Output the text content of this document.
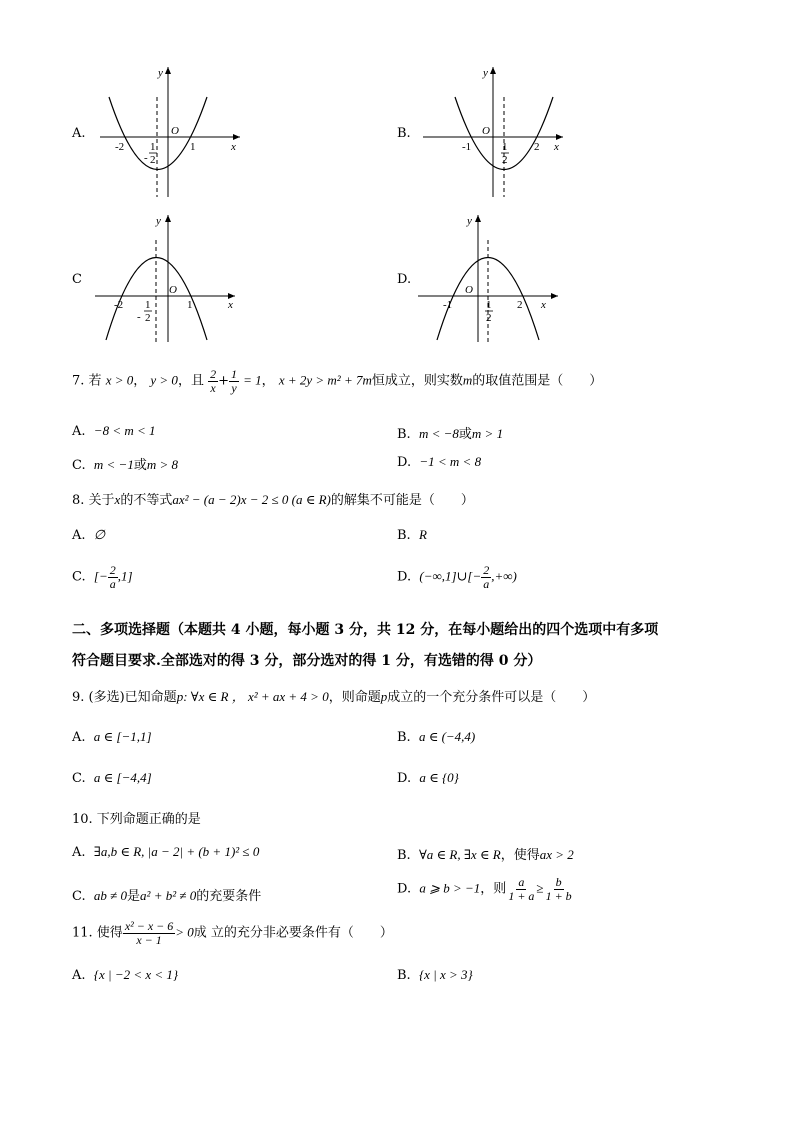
A.
-2	1
O
x
y
-
1
2
B.
-1	2
O
x
y
1
2
C
-2	1
O
x
y
-
1
2
D.
-1	2
O
x
y
1
2
7. 若 x > 0， y > 0，且 $\frac{2}{x} + \frac{1}{y} = 1$， x + 2y > m² + 7m恒成立，则实数m的取值范围是（　　）
A. −8 < m < 1	B. m < −8或m > 1
C. m < −1或m > 8	D. −1 < m < 8
8. 关于x的不等式ax² − (a − 2)x − 2 ≤ 0 (a ∈ R)的解集不可能是（　　）
A. ∅	B. R
C. [− $\frac{2}{a} ,1$]	D. (−∞,1]∪[− $\frac{2}{a}$ ,+∞)
二、多项选择题（本题共 4 小题，每小题 3 分，共 12 分，在每小题给出的四个选项中有多项
符合题目要求.全部选对的得 3 分，部分选对的得 1 分，有选错的得 0 分）
9. (多选)已知命题p: ∀x ∈ R ， x² + ax + 4 > 0，则命题p成立的一个充分条件可以是（　　）
A. a ∈ [−1,1]	B. a ∈ (−4,4)
C. a ∈ [−4,4]	D. a ∈ {0}
10. 下列命题正确的是
A. ∃a,b ∈ R, |a − 2| + (b + 1)² ≤ 0	B. ∀a ∈ R, ∃x ∈ R，使得ax > 2
C. ab ≠ 0是a² + b² ≠ 0的充要条件	D. a ⩾ b > −1，则 $\frac{a}{1 + a} \ge \frac{b}{1 + b}$
11. 使得 $\frac{\text{x² − x − 6}}{x - 1} > 0$成 立的充分非必要条件有（　　）
A. {x | −2 < x < 1}	B. {x | x > 3}
